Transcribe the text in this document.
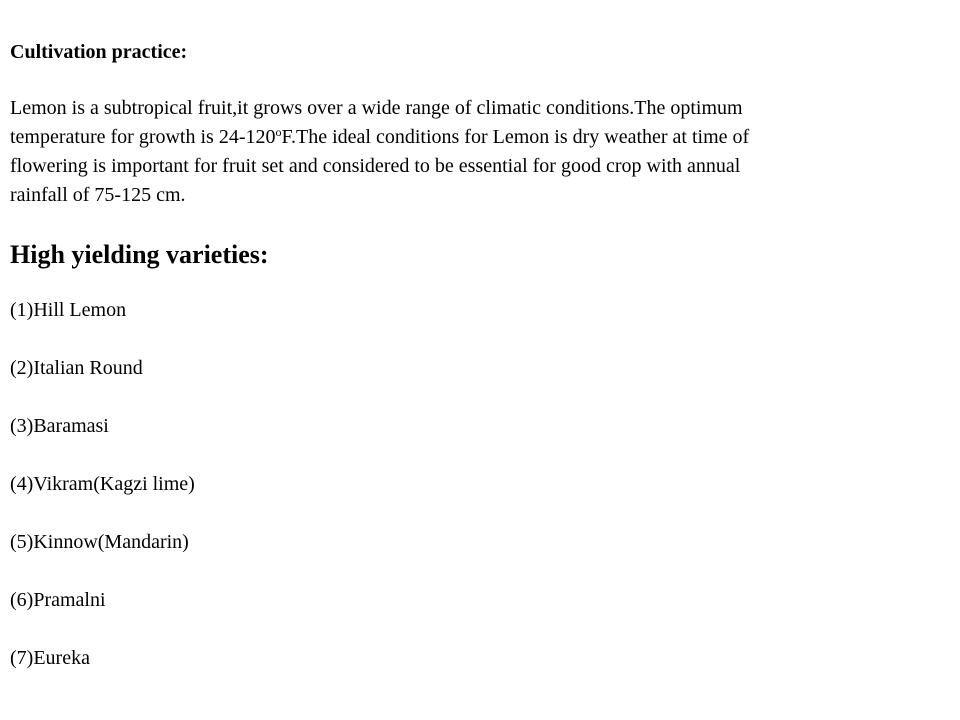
Cultivation practice:
Lemon is a subtropical fruit,it grows over a wide range of climatic conditions.The optimum
temperature for growth is 24-120$^o$F.The ideal conditions for Lemon is dry weather at time of
flowering is important for fruit set and considered to be essential for good crop with annual
rainfall of 75-125 cm.
High yielding varieties:
(1)Hill Lemon
(2)Italian Round
(3)Baramasi
(4)Vikram(Kagzi lime)
(5)Kinnow(Mandarin)
(6)Pramalni
(7)Eureka
